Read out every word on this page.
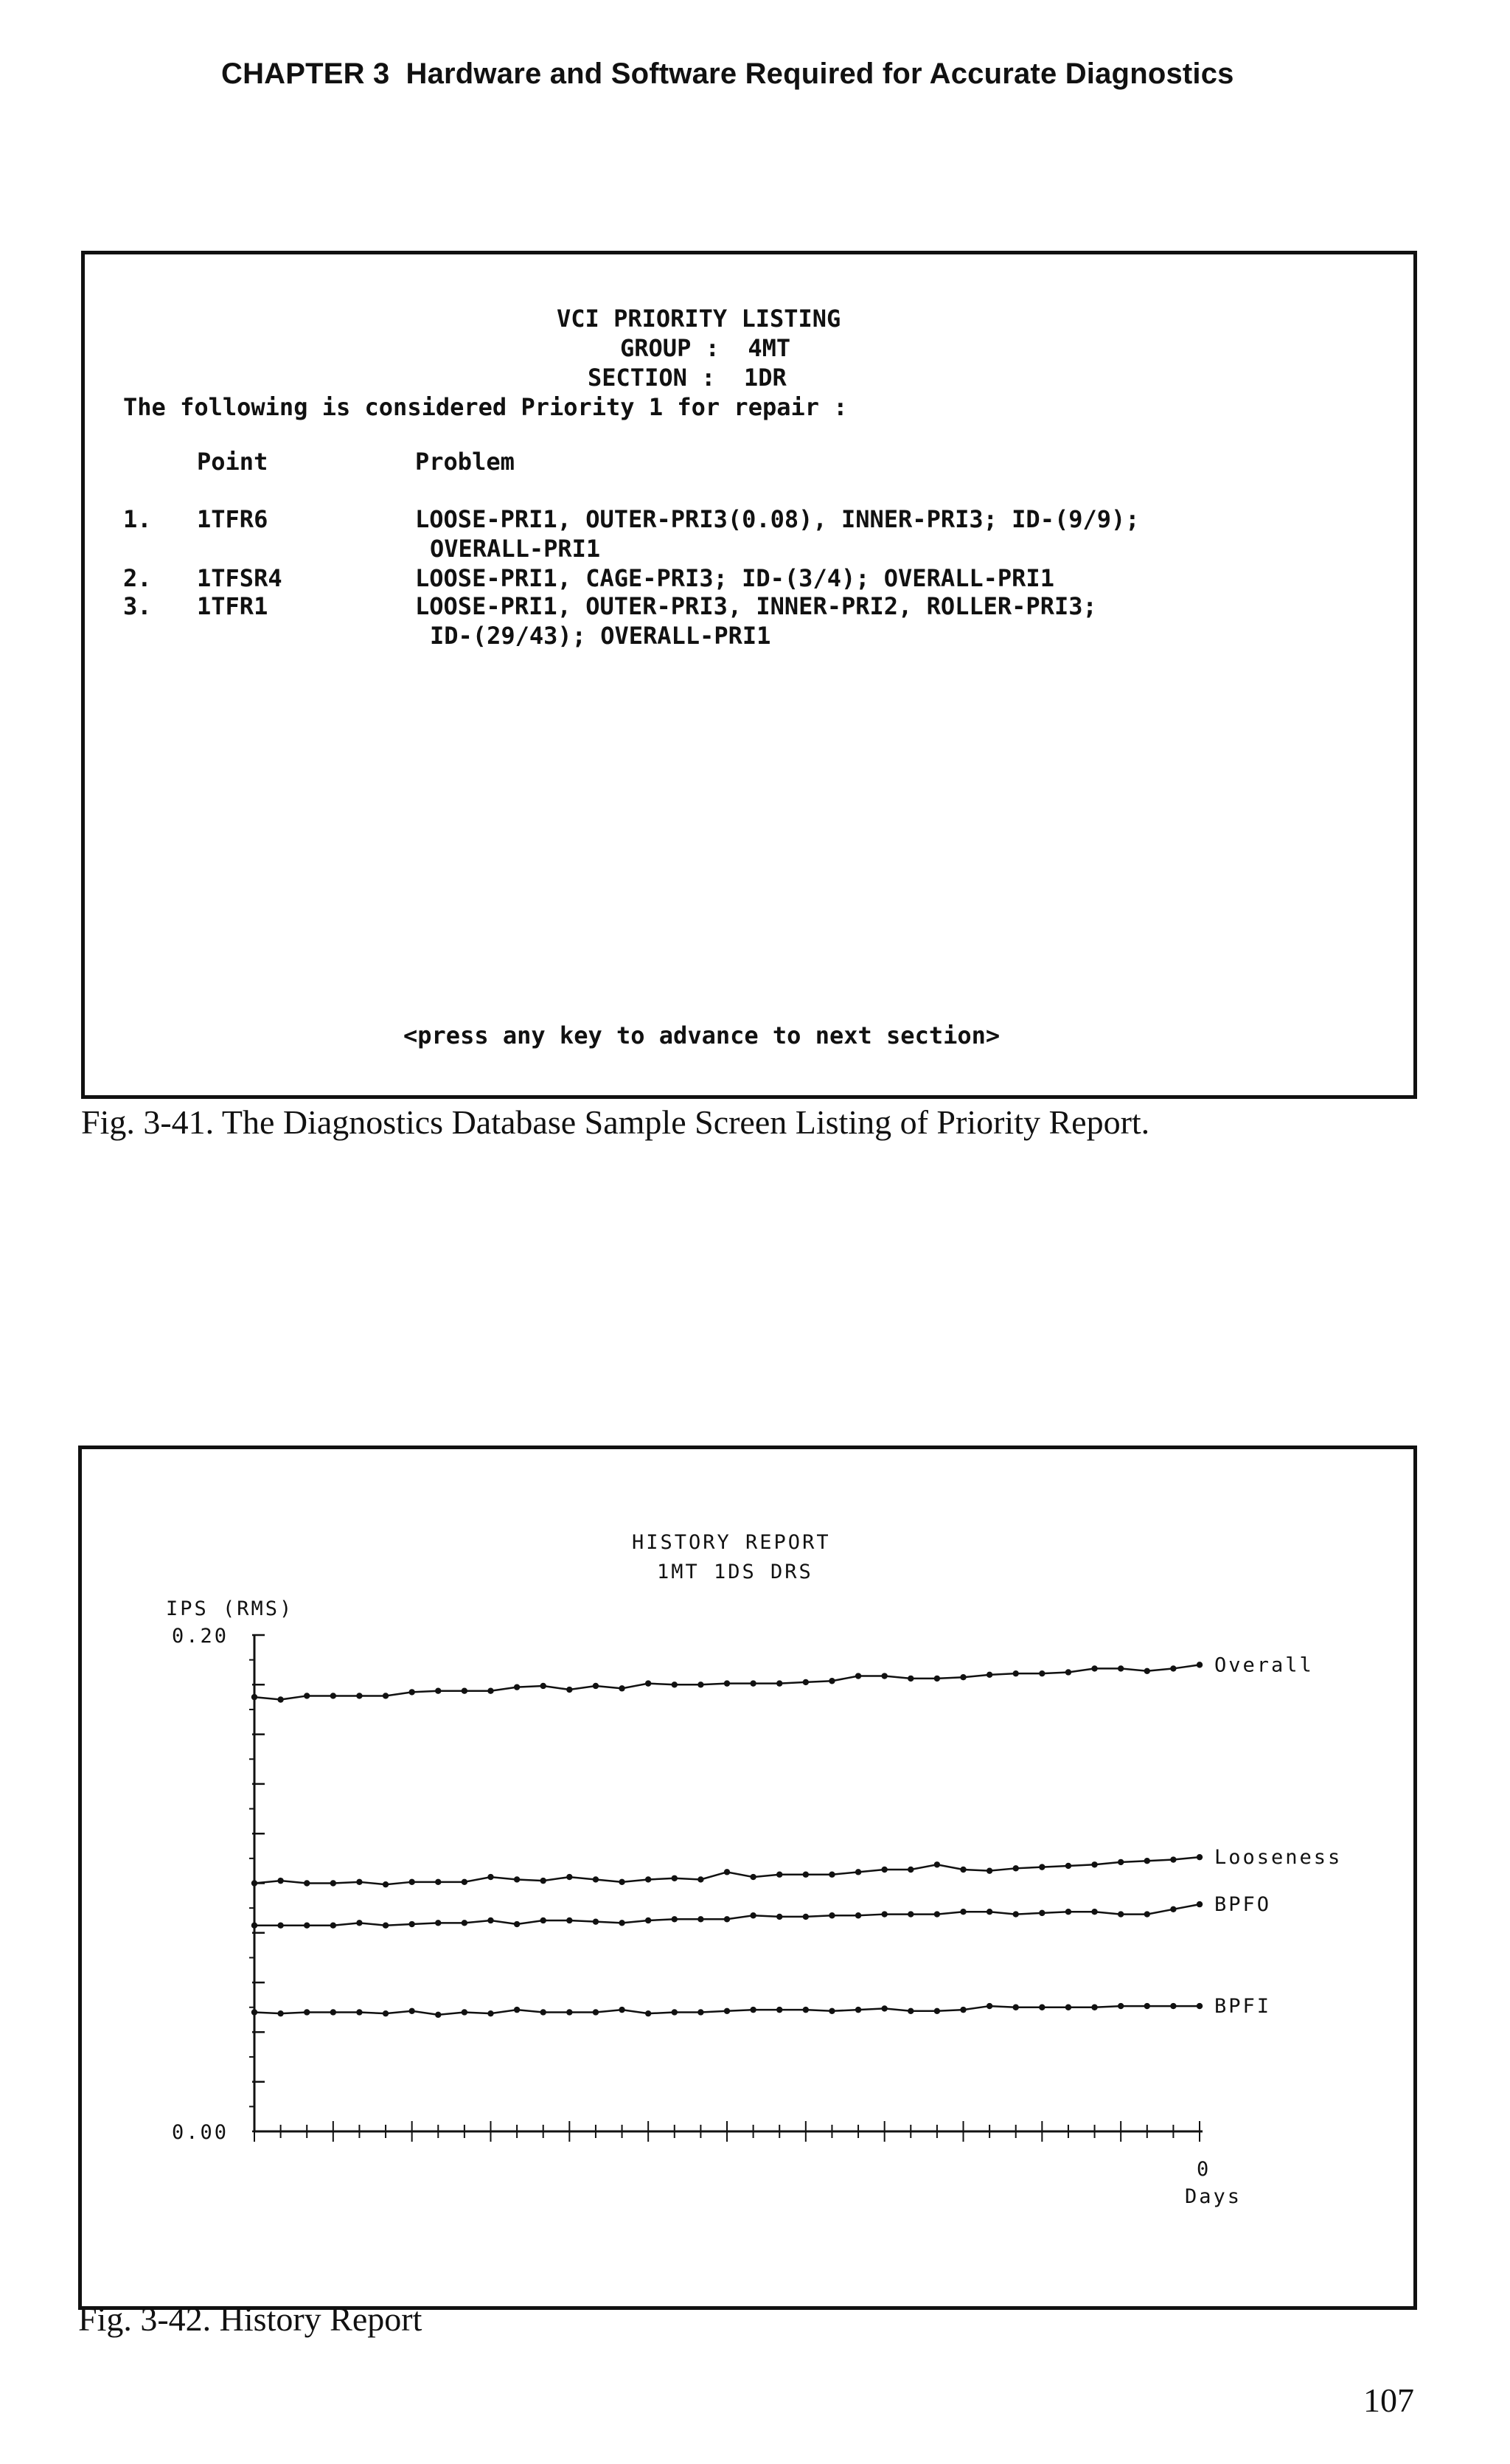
CHAPTER 3 Hardware and Software Required for Accurate Diagnostics
VCI PRIORITY LISTING
GROUP :  4MT
SECTION :  1DR
The following is considered Priority 1 for repair :
Point	Problem
1. 1TFR6	LOOSE-PRI1, OUTER-PRI3(0.08), INNER-PRI3; ID-(9/9);
OVERALL-PRI1
2. 1TFSR4	LOOSE-PRI1, CAGE-PRI3; ID-(3/4); OVERALL-PRI1
3. 1TFR1	LOOSE-PRI1, OUTER-PRI3, INNER-PRI2, ROLLER-PRI3;
ID-(29/43); OVERALL-PRI1
<press any key to advance to next section>
Fig. 3-41. The Diagnostics Database Sample Screen Listing of Priority Report.
HISTORY REPORT
1MT 1DS DRS
IPS (RMS)
0.20
0.00
0
Days
Overall
Looseness
BPFO
BPFI
Fig. 3-42. History Report
107
